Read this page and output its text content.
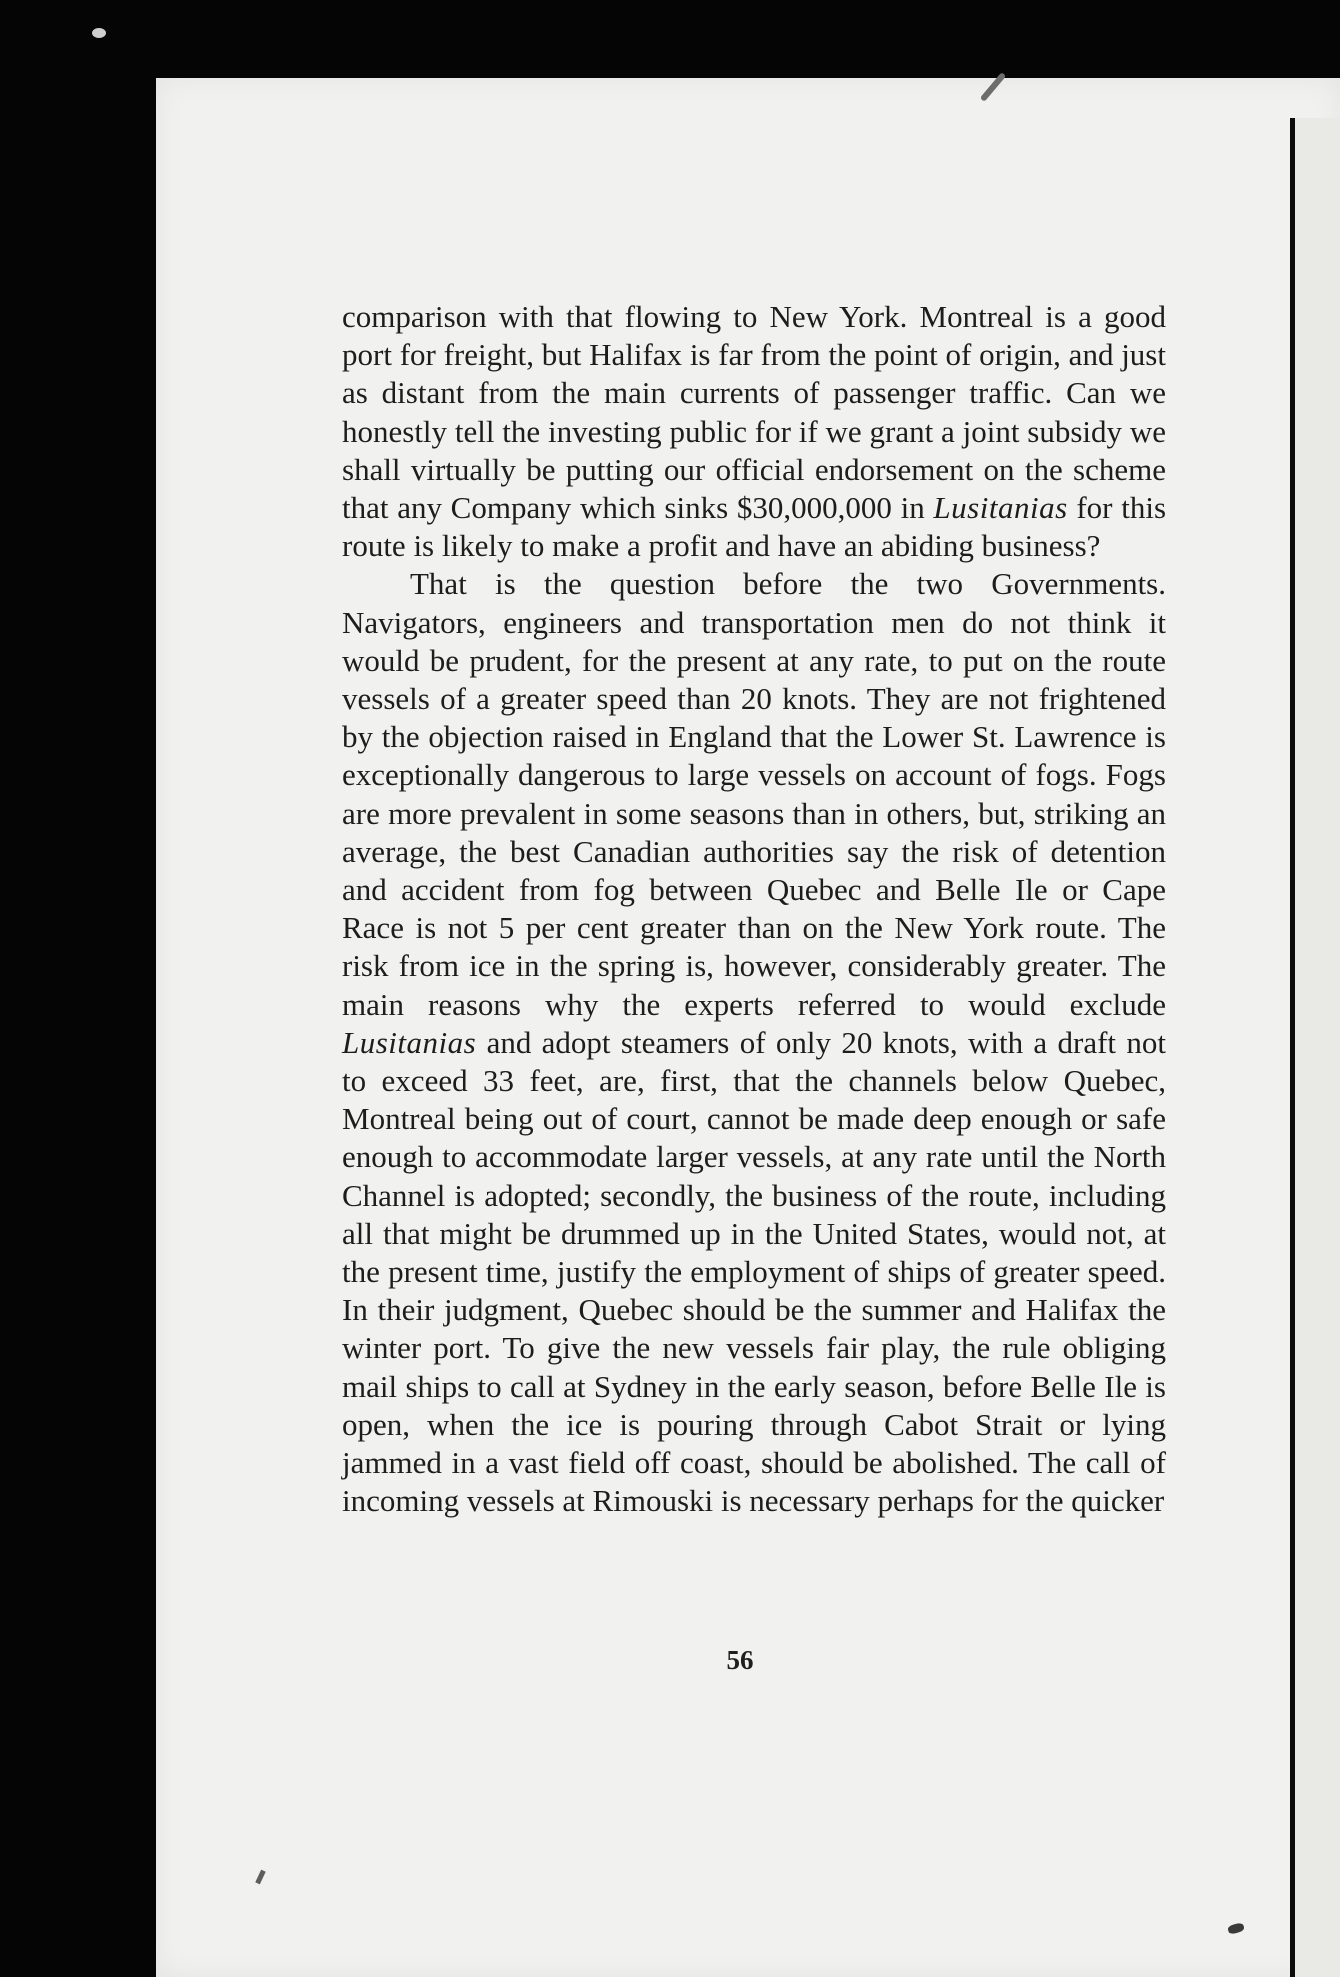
comparison with that flowing to New York. Montreal is a good port for freight, but Halifax is far from the point of origin, and just as distant from the main currents of passenger traffic. Can we honestly tell the investing public for if we grant a joint subsidy we shall virtually be putting our official endorsement on the scheme that any Company which sinks $30,000,000 in Lusitanias for this route is likely to make a profit and have an abiding business?

That is the question before the two Governments. Navigators, engineers and transportation men do not think it would be prudent, for the present at any rate, to put on the route vessels of a greater speed than 20 knots. They are not frightened by the objection raised in England that the Lower St. Lawrence is exceptionally dangerous to large vessels on account of fogs. Fogs are more prevalent in some seasons than in others, but, striking an average, the best Canadian authorities say the risk of detention and accident from fog between Quebec and Belle Ile or Cape Race is not 5 per cent greater than on the New York route. The risk from ice in the spring is, however, considerably greater. The main reasons why the experts referred to would exclude Lusitanias and adopt steamers of only 20 knots, with a draft not to exceed 33 feet, are, first, that the channels below Quebec, Montreal being out of court, cannot be made deep enough or safe enough to accommodate larger vessels, at any rate until the North Channel is adopted; secondly, the business of the route, including all that might be drummed up in the United States, would not, at the present time, justify the employment of ships of greater speed. In their judgment, Quebec should be the summer and Halifax the winter port. To give the new vessels fair play, the rule obliging mail ships to call at Sydney in the early season, before Belle Ile is open, when the ice is pouring through Cabot Strait or lying jammed in a vast field off coast, should be abolished. The call of incoming vessels at Rimouski is necessary perhaps for the quicker

56
